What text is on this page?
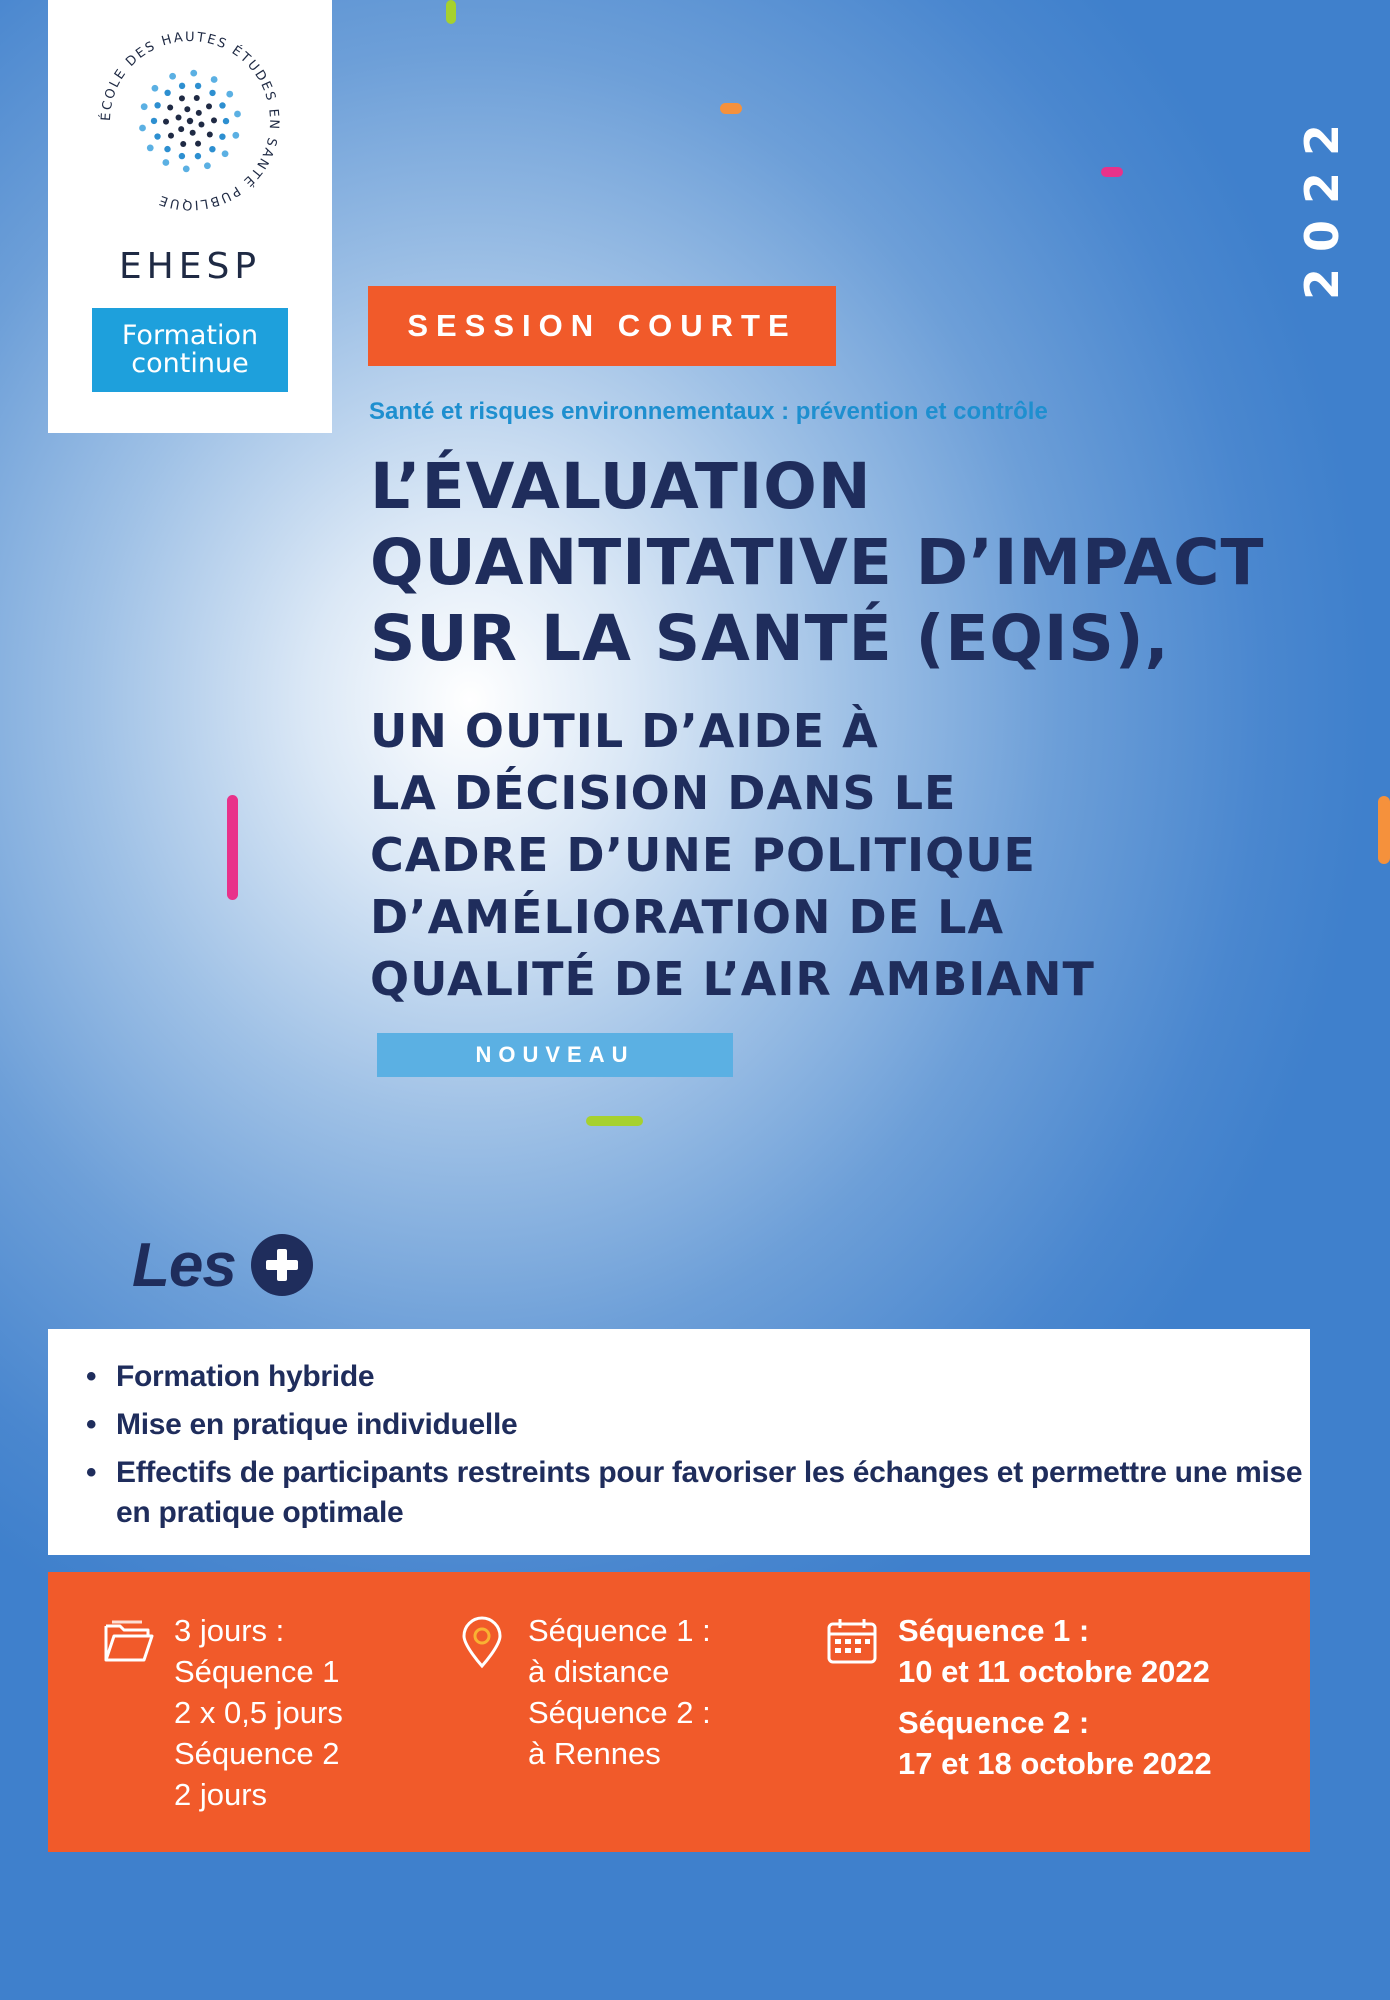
ÉCOLE DES HAUTES ÉTUDES EN SANTÉ PUBLIQUE
EHESP
Formation
continue
2022
SESSION COURTE
Santé et risques environnementaux : prévention et contrôle
L’ÉVALUATION
QUANTITATIVE D’IMPACT
SUR LA SANTÉ (EQIS),
UN OUTIL D’AIDE À
LA DÉCISION DANS LE
CADRE D’UNE POLITIQUE
D’AMÉLIORATION DE LA
QUALITÉ DE L’AIR AMBIANT
NOUVEAU
Les
• Formation hybride
• Mise en pratique individuelle
• Effectifs de participants restreints pour favoriser les échanges et permettre une mise en pratique optimale
3 jours :
Séquence 1
2 x 0,5 jours
Séquence 2
2 jours
Séquence 1 :
à distance
Séquence 2 :
à Rennes
Séquence 1 :
10 et 11 octobre 2022
Séquence 2 :
17 et 18 octobre 2022
